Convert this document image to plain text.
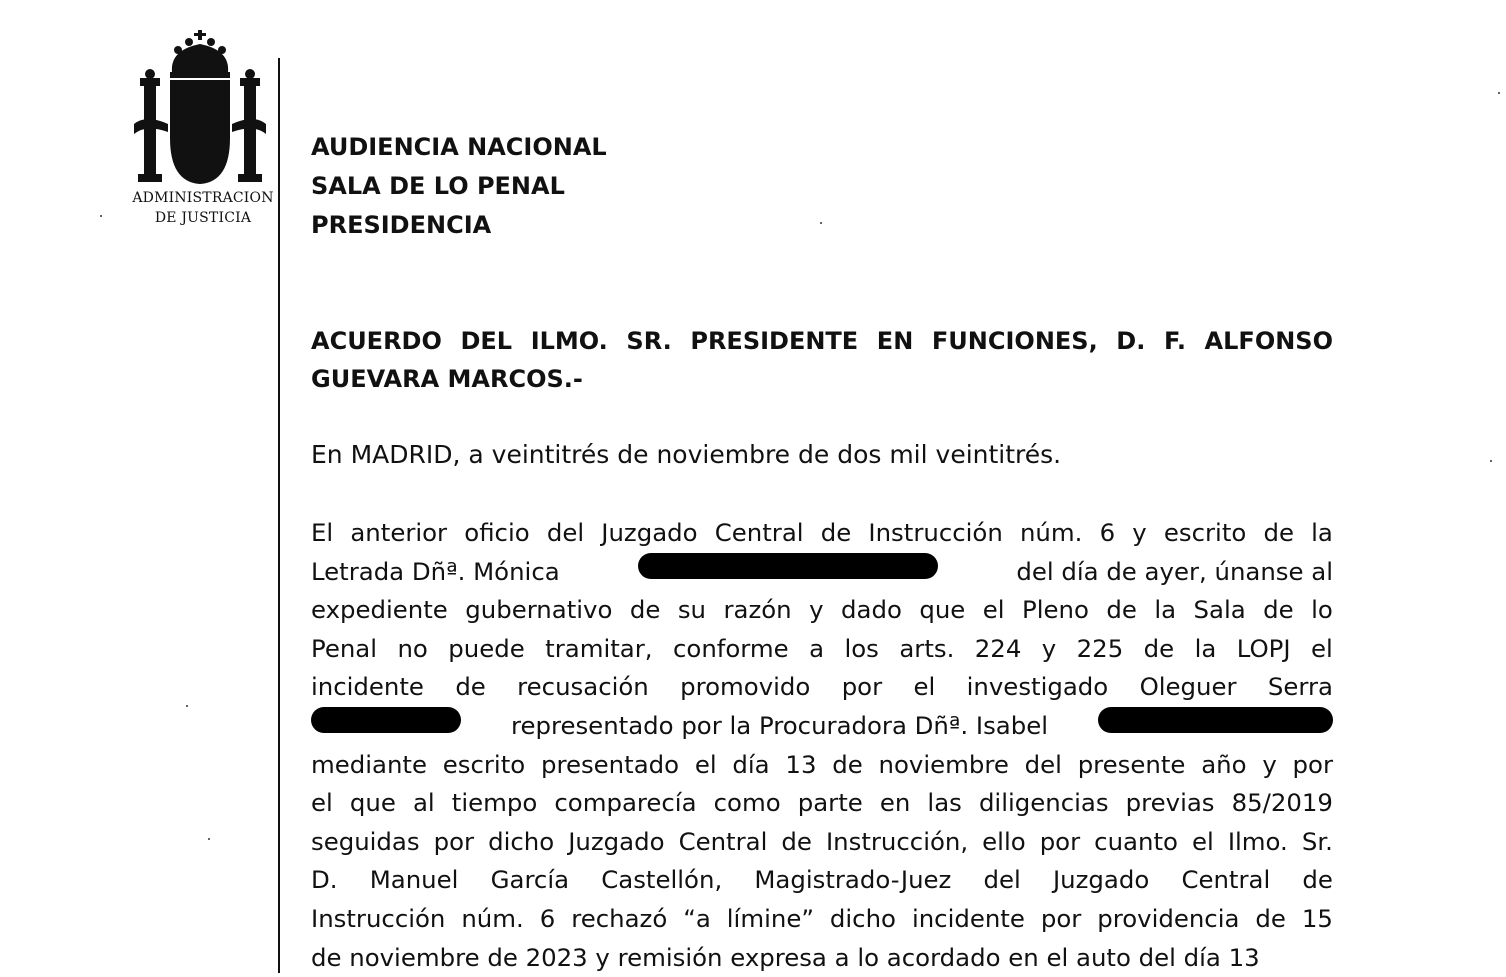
ADMINISTRACION
DE JUSTICIA
AUDIENCIA NACIONAL
SALA DE LO PENAL
PRESIDENCIA
ACUERDO DEL ILMO. SR. PRESIDENTE EN FUNCIONES, D. F. ALFONSO GUEVARA MARCOS.-
En MADRID, a veintitrés de noviembre de dos mil veintitrés.
El anterior oficio del Juzgado Central de Instrucción núm. 6 y escrito de la
Letrada Dñª. Mónica	del día de ayer, únanse al
expediente gubernativo de su razón y dado que el Pleno de la Sala de lo
Penal no puede tramitar, conforme a los arts. 224 y 225 de la LOPJ el
incidente de recusación promovido por el investigado Oleguer Serra
representado por la Procuradora Dñª. Isabel
mediante escrito presentado el día 13 de noviembre del presente año y por
el que al tiempo comparecía como parte en las diligencias previas 85/2019
seguidas por dicho Juzgado Central de Instrucción, ello por cuanto el Ilmo. Sr.
D. Manuel García Castellón, Magistrado-Juez del Juzgado Central de
Instrucción núm. 6 rechazó “a límine” dicho incidente por providencia de 15
de noviembre de 2023 y remisión expresa a lo acordado en el auto del día 13
